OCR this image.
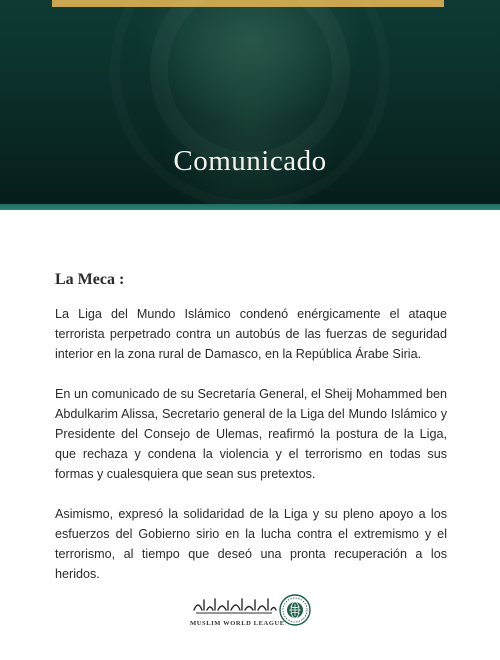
Comunicado
La Meca :

La Liga del Mundo Islámico condenó enérgicamente el ataque terrorista perpetrado contra un autobús de las fuerzas de seguridad interior en la zona rural de Damasco, en la República Árabe Siria.

En un comunicado de su Secretaría General, el Sheij Mohammed ben Abdulkarim Alissa, Secretario general de la Liga del Mundo Islámico y Presidente del Consejo de Ulemas, reafirmó la postura de la Liga, que rechaza y condena la violencia y el terrorismo en todas sus formas y cualesquiera que sean sus pretextos.

Asimismo, expresó la solidaridad de la Liga y su pleno apoyo a los esfuerzos del Gobierno sirio en la lucha contra el extremismo y el terrorismo, al tiempo que deseó una pronta recuperación a los heridos.

MUSLIM WORLD LEAGUE
